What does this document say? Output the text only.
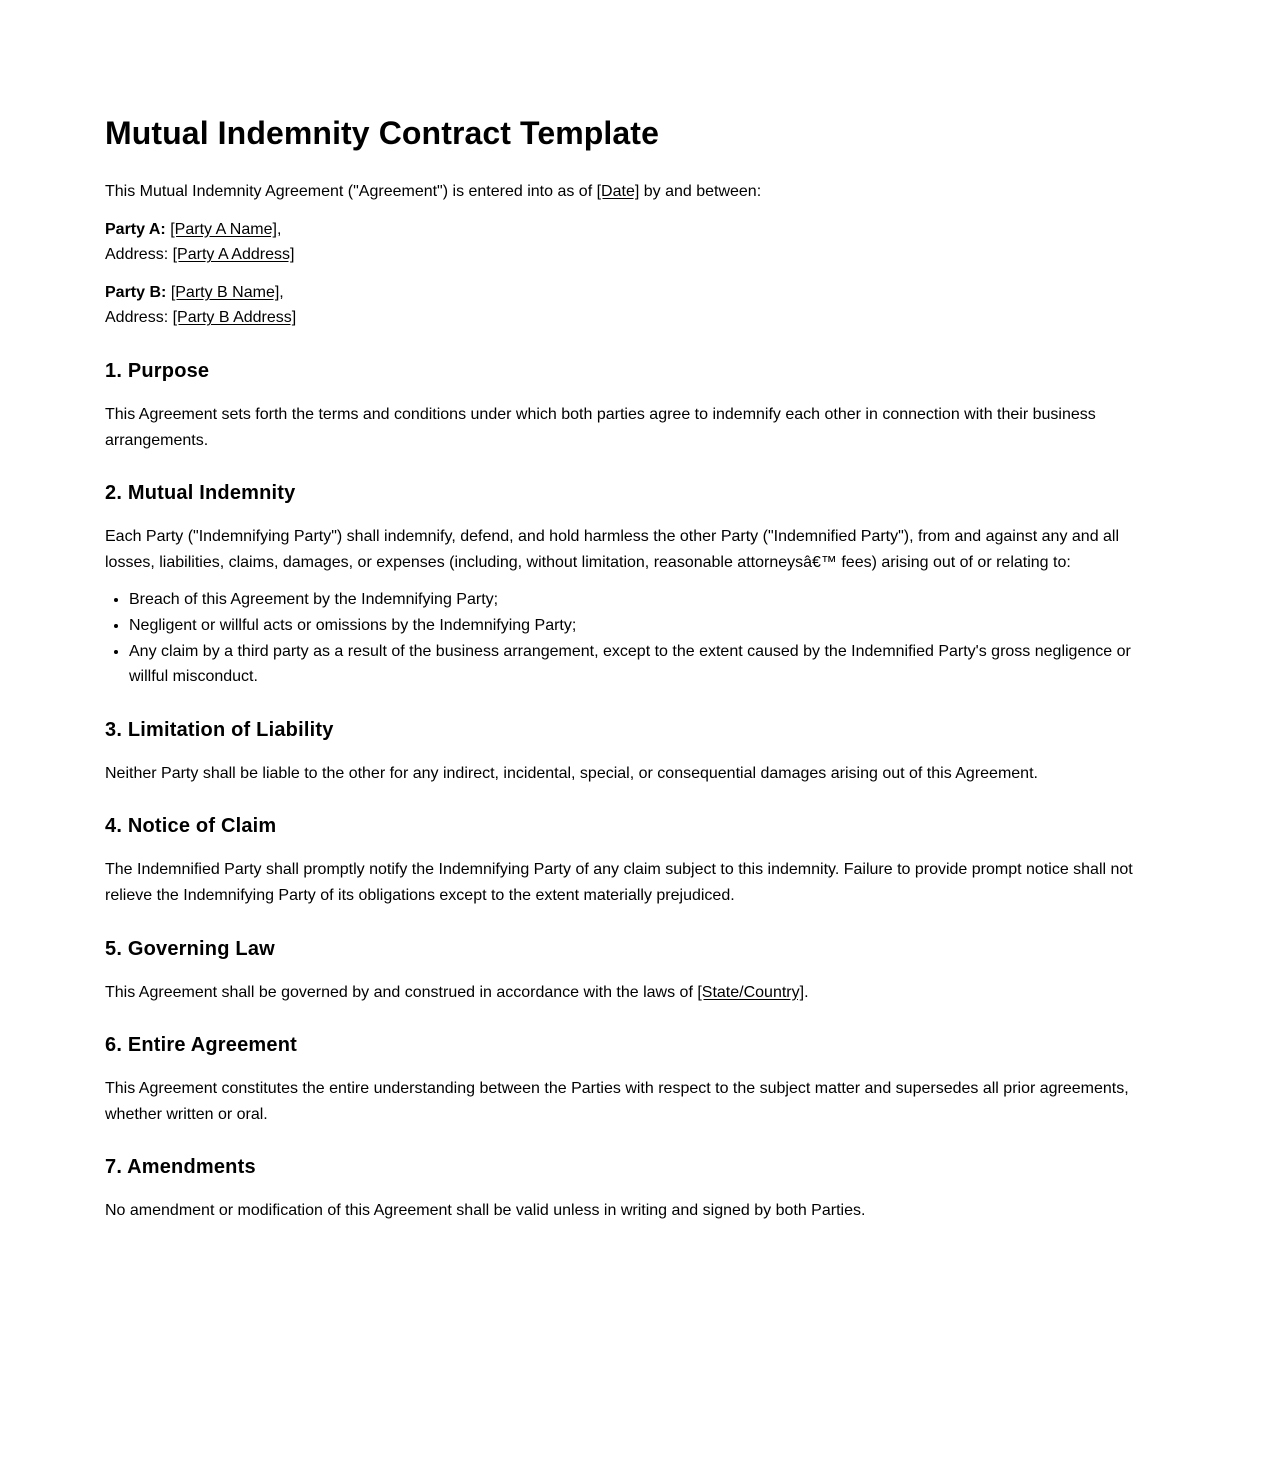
Mutual Indemnity Contract Template

This Mutual Indemnity Agreement ("Agreement") is entered into as of [Date] by and between:

Party A: [Party A Name],
Address: [Party A Address]

Party B: [Party B Name],
Address: [Party B Address]

1. Purpose

This Agreement sets forth the terms and conditions under which both parties agree to indemnify each other in connection with their business arrangements.

2. Mutual Indemnity

Each Party ("Indemnifying Party") shall indemnify, defend, and hold harmless the other Party ("Indemnified Party"), from and against any and all losses, liabilities, claims, damages, or expenses (including, without limitation, reasonable attorneysâ€™ fees) arising out of or relating to:

• Breach of this Agreement by the Indemnifying Party;
• Negligent or willful acts or omissions by the Indemnifying Party;
• Any claim by a third party as a result of the business arrangement, except to the extent caused by the Indemnified Party's gross negligence or willful misconduct.
3. Limitation of Liability

Neither Party shall be liable to the other for any indirect, incidental, special, or consequential damages arising out of this Agreement.

4. Notice of Claim

The Indemnified Party shall promptly notify the Indemnifying Party of any claim subject to this indemnity. Failure to provide prompt notice shall not relieve the Indemnifying Party of its obligations except to the extent materially prejudiced.

5. Governing Law

This Agreement shall be governed by and construed in accordance with the laws of [State/Country].

6. Entire Agreement

This Agreement constitutes the entire understanding between the Parties with respect to the subject matter and supersedes all prior agreements, whether written or oral.

7. Amendments

No amendment or modification of this Agreement shall be valid unless in writing and signed by both Parties.
